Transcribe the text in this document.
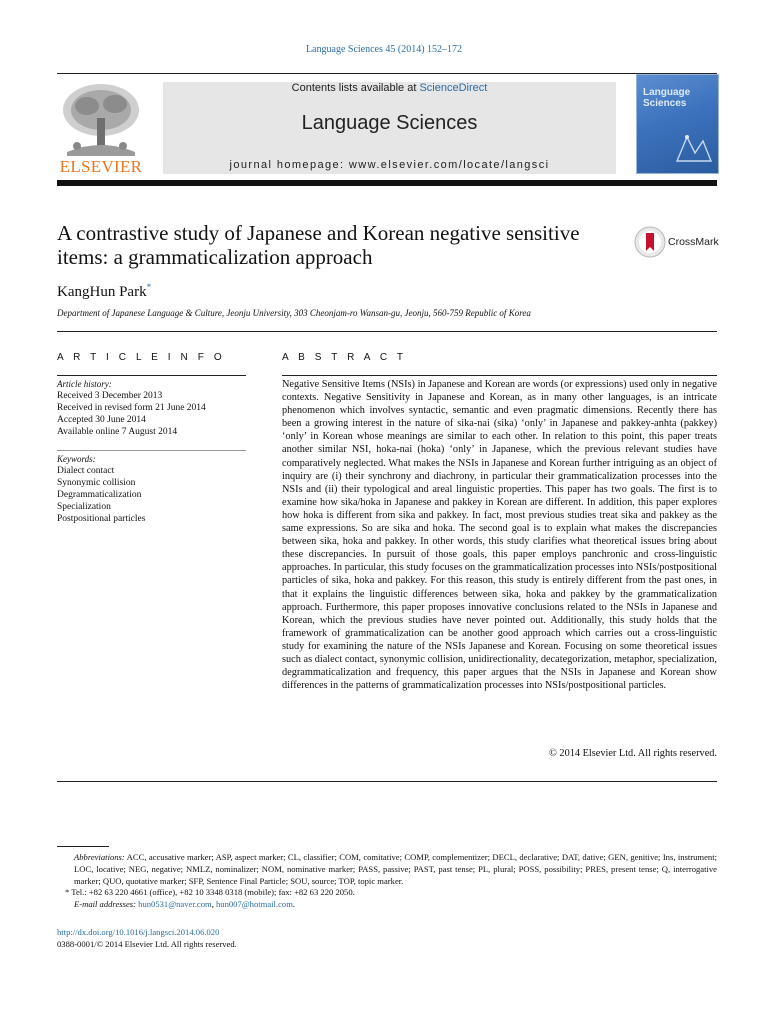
Language Sciences 45 (2014) 152–172
ELSEVIER
Contents lists available at ScienceDirect
Language Sciences
journal homepage: www.elsevier.com/locate/langsci
Language Sciences
A contrastive study of Japanese and Korean negative sensitive items: a grammaticalization approach
CrossMark
KangHun Park*
Department of Japanese Language & Culture, Jeonju University, 303 Cheonjam-ro Wansan-gu, Jeonju, 560-759 Republic of Korea
A R T I C L E I N F O	A B S T R A C T
Article history:
Received 3 December 2013
Received in revised form 21 June 2014
Accepted 30 June 2014
Available online 7 August 2014
Keywords:
Dialect contact
Synonymic collision
Degrammaticalization
Specialization
Postpositional particles

Negative Sensitive Items (NSIs) in Japanese and Korean are words (or expressions) used only in negative contexts. Negative Sensitivity in Japanese and Korean, as in many other languages, is an intricate phenomenon which involves syntactic, semantic and even pragmatic dimensions. Recently there has been a growing interest in the nature of sika-nai (sika) ‘only’ in Japanese and pakkey-anhta (pakkey) ‘only’ in Korean whose meanings are similar to each other. In relation to this point, this paper treats another similar NSI, hoka-nai (hoka) ‘only’ in Japanese, which the previous relevant studies have comparatively neglected. What makes the NSIs in Japanese and Korean further intriguing as an object of inquiry are (i) their synchrony and diachrony, in particular their grammaticalization processes into the NSIs and (ii) their typological and areal linguistic properties. This paper has two goals. The first is to examine how sika/hoka in Japanese and pakkey in Korean are different. In addition, this paper explores how hoka is different from sika and pakkey. In fact, most previous studies treat sika and pakkey as the same expressions. So are sika and hoka. The second goal is to explain what makes the discrepancies between sika, hoka and pakkey. In other words, this study clarifies what theoretical issues bring about these discrepancies. In pursuit of those goals, this paper employs panchronic and cross-linguistic approaches. In particular, this study focuses on the grammaticalization processes into NSIs/postpositional particles of sika, hoka and pakkey. For this reason, this study is entirely different from the past ones, in that it explains the linguistic differences between sika, hoka and pakkey by the grammaticalization approach. Furthermore, this paper proposes innovative conclusions related to the NSIs in Japanese and Korean, which the previous studies have never pointed out. Additionally, this study holds that the framework of grammaticalization can be another good approach which carries out a cross-linguistic study for examining the nature of the NSIs Japanese and Korean. Focusing on some theoretical issues such as dialect contact, synonymic collision, unidirectionality, decategorization, metaphor, specialization, degrammaticalization and frequency, this paper argues that the NSIs in Japanese and Korean show differences in the patterns of grammaticalization processes into NSIs/postpositional particles.

© 2014 Elsevier Ltd. All rights reserved.

Abbreviations: ACC, accusative marker; ASP, aspect marker; CL, classifier; COM, comitative; COMP, complementizer; DECL, declarative; DAT, dative; GEN, genitive; Ins, instrument; LOC, locative; NEG, negative; NMLZ, nominalizer; NOM, nominative marker; PASS, passive; PAST, past tense; PL, plural; POSS, possibility; PRES, present tense; Q, interrogative marker; QUO, quotative marker; SFP, Sentence Final Particle; SOU, source; TOP, topic marker.

* Tel.: +82 63 220 4661 (office), +82 10 3348 0318 (mobile); fax: +82 63 220 2050.

E-mail addresses: hun0531@naver.com, hun007@hotmail.com.

http://dx.doi.org/10.1016/j.langsci.2014.06.020
0388-0001/© 2014 Elsevier Ltd. All rights reserved.
